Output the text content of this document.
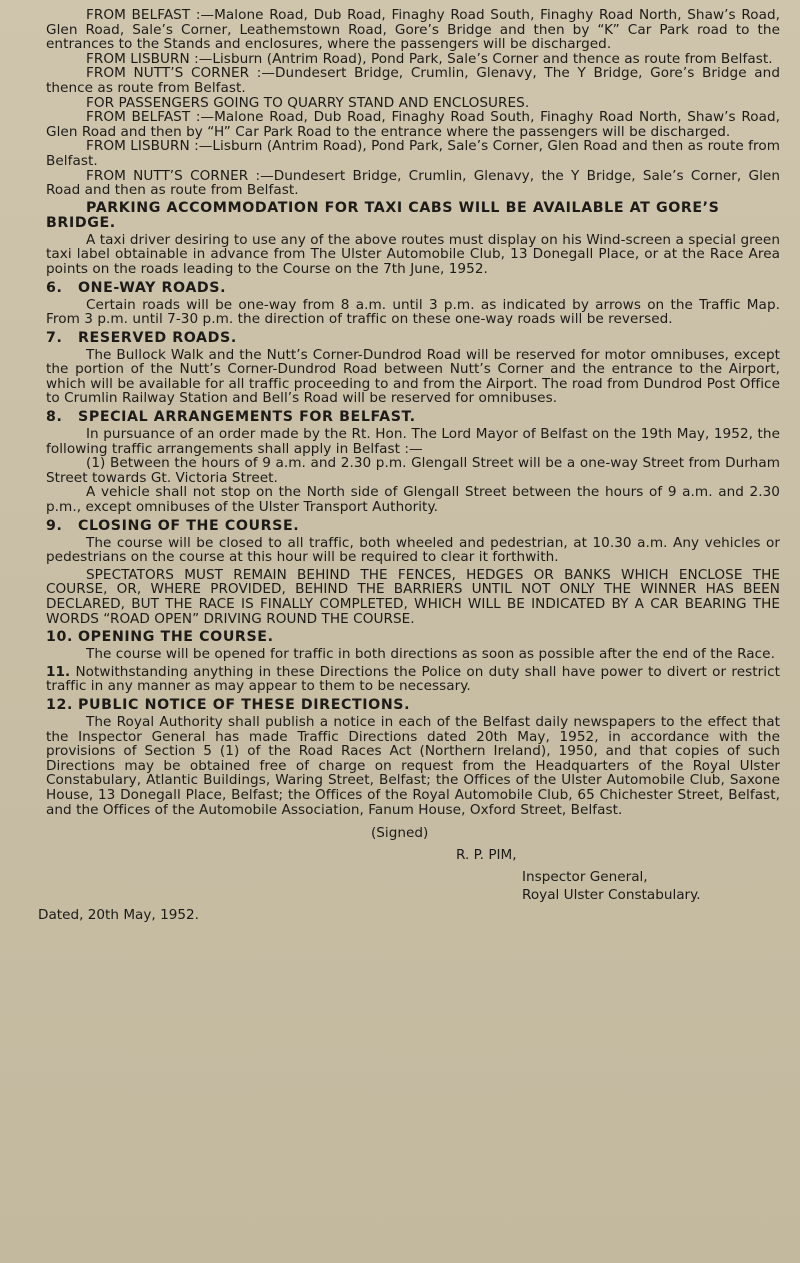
FROM BELFAST :—Malone Road, Dub Road, Finaghy Road South, Finaghy Road North, Shaw’s Road, Glen Road, Sale’s Corner, Leathemstown Road, Gore’s Bridge and then by “K” Car Park road to the entrances to the Stands and enclosures, where the passengers will be discharged.

FROM LISBURN :—Lisburn (Antrim Road), Pond Park, Sale’s Corner and thence as route from Belfast.

FROM NUTT’S CORNER :—Dundesert Bridge, Crumlin, Glenavy, The Y Bridge, Gore’s Bridge and thence as route from Belfast.

FOR PASSENGERS GOING TO QUARRY STAND AND ENCLOSURES.

FROM BELFAST :—Malone Road, Dub Road, Finaghy Road South, Finaghy Road North, Shaw’s Road, Glen Road and then by “H” Car Park Road to the entrance where the passengers will be discharged.

FROM LISBURN :—Lisburn (Antrim Road), Pond Park, Sale’s Corner, Glen Road and then as route from Belfast.

FROM NUTT’S CORNER :—Dundesert Bridge, Crumlin, Glenavy, the Y Bridge, Sale’s Corner, Glen Road and then as route from Belfast.

PARKING ACCOMMODATION FOR TAXI CABS WILL BE AVAILABLE AT GORE’S BRIDGE.

A taxi driver desiring to use any of the above routes must display on his Wind-screen a special green taxi label obtainable in advance from The Ulster Automobile Club, 13 Donegall Place, or at the Race Area points on the roads leading to the Course on the 7th June, 1952.

6. ONE-WAY ROADS.

Certain roads will be one-way from 8 a.m. until 3 p.m. as indicated by arrows on the Traffic Map. From 3 p.m. until 7-30 p.m. the direction of traffic on these one-way roads will be reversed.

7. RESERVED ROADS.

The Bullock Walk and the Nutt’s Corner-Dundrod Road will be reserved for motor omnibuses, except the portion of the Nutt’s Corner-Dundrod Road between Nutt’s Corner and the entrance to the Airport, which will be available for all traffic proceeding to and from the Airport. The road from Dundrod Post Office to Crumlin Railway Station and Bell’s Road will be reserved for omnibuses.

8. SPECIAL ARRANGEMENTS FOR BELFAST.

In pursuance of an order made by the Rt. Hon. The Lord Mayor of Belfast on the 19th May, 1952, the following traffic arrangements shall apply in Belfast :—

(1) Between the hours of 9 a.m. and 2.30 p.m. Glengall Street will be a one-way Street from Durham Street towards Gt. Victoria Street.

A vehicle shall not stop on the North side of Glengall Street between the hours of 9 a.m. and 2.30 p.m., except omnibuses of the Ulster Transport Authority.

9. CLOSING OF THE COURSE.

The course will be closed to all traffic, both wheeled and pedestrian, at 10.30 a.m. Any vehicles or pedestrians on the course at this hour will be required to clear it forthwith.

SPECTATORS MUST REMAIN BEHIND THE FENCES, HEDGES OR BANKS WHICH ENCLOSE THE COURSE, OR, WHERE PROVIDED, BEHIND THE BARRIERS UNTIL NOT ONLY THE WINNER HAS BEEN DECLARED, BUT THE RACE IS FINALLY COMPLETED, WHICH WILL BE INDICATED BY A CAR BEARING THE WORDS “ROAD OPEN” DRIVING ROUND THE COURSE.

10. OPENING THE COURSE.

The course will be opened for traffic in both directions as soon as possible after the end of the Race.

11. Notwithstanding anything in these Directions the Police on duty shall have power to divert or restrict traffic in any manner as may appear to them to be necessary.

12. PUBLIC NOTICE OF THESE DIRECTIONS.

The Royal Authority shall publish a notice in each of the Belfast daily newspapers to the effect that the Inspector General has made Traffic Directions dated 20th May, 1952, in accordance with the provisions of Section 5 (1) of the Road Races Act (Northern Ireland), 1950, and that copies of such Directions may be obtained free of charge on request from the Headquarters of the Royal Ulster Constabulary, Atlantic Buildings, Waring Street, Belfast; the Offices of the Ulster Automobile Club, Saxone House, 13 Donegall Place, Belfast; the Offices of the Royal Automobile Club, 65 Chichester Street, Belfast, and the Offices of the Automobile Association, Fanum House, Oxford Street, Belfast.

(Signed)
R. P. PIM,
Inspector General,
Royal Ulster Constabulary.
Dated, 20th May, 1952.
